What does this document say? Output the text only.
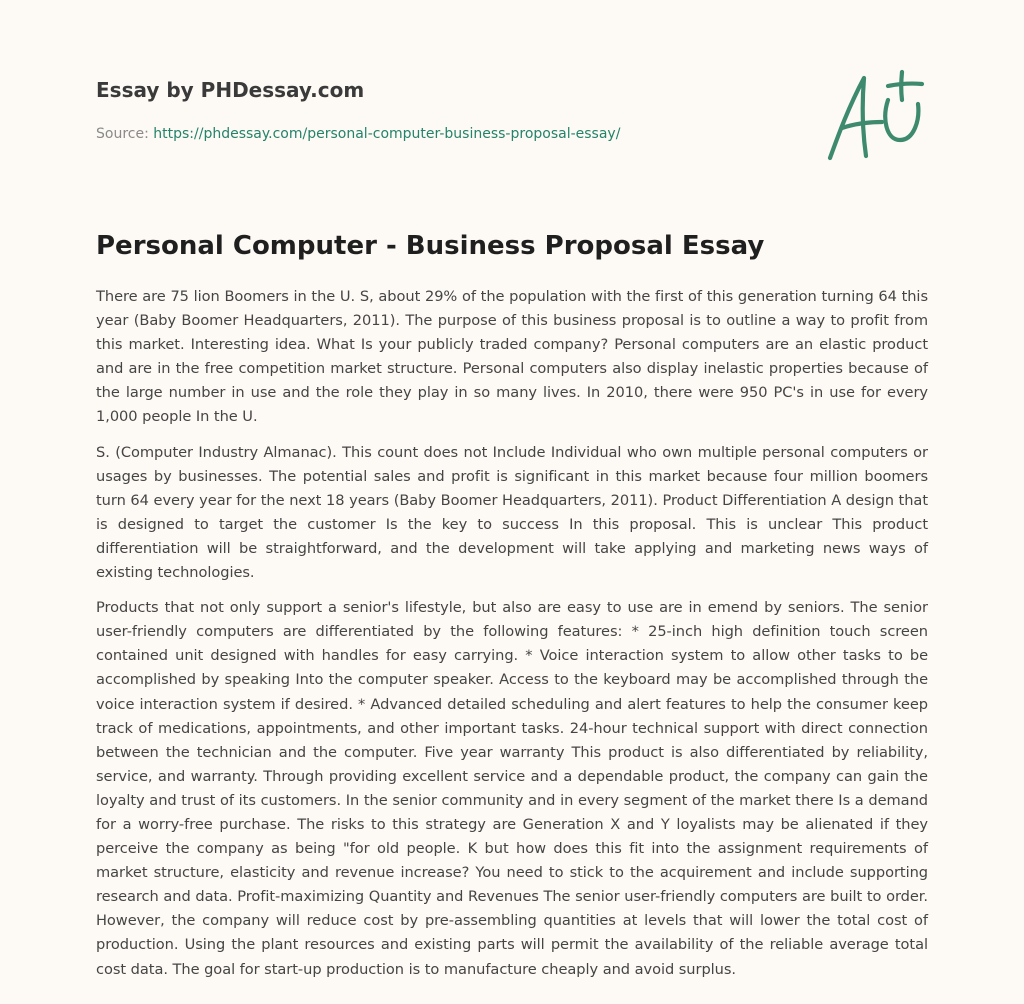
Essay by PHDessay.com

Source: https://phdessay.com/personal-computer-business-proposal-essay/

Personal Computer - Business Proposal Essay

There are 75 lion Boomers in the U. S, about 29% of the population with the first of this generation turning 64 this year (Baby Boomer Headquarters, 2011). The purpose of this business proposal is to outline a way to profit from this market. Interesting idea. What Is your publicly traded company? Personal computers are an elastic product and are in the free competition market structure. Personal computers also display inelastic properties because of the large number in use and the role they play in so many lives. In 2010, there were 950 PC's in use for every 1,000 people In the U.

S. (Computer Industry Almanac). This count does not Include Individual who own multiple personal computers or usages by businesses. The potential sales and profit is significant in this market because four million boomers turn 64 every year for the next 18 years (Baby Boomer Headquarters, 2011). Product Differentiation A design that is designed to target the customer Is the key to success In this proposal. This is unclear This product differentiation will be straightforward, and the development will take applying and marketing news ways of existing technologies.

Products that not only support a senior's lifestyle, but also are easy to use are in emend by seniors. The senior user-friendly computers are differentiated by the following features: * 25-inch high definition touch screen contained unit designed with handles for easy carrying. * Voice interaction system to allow other tasks to be accomplished by speaking Into the computer speaker. Access to the keyboard may be accomplished through the voice interaction system if desired. * Advanced detailed scheduling and alert features to help the consumer keep track of medications, appointments, and other important tasks. 24-hour technical support with direct connection between the technician and the computer. Five year warranty This product is also differentiated by reliability, service, and warranty. Through providing excellent service and a dependable product, the company can gain the loyalty and trust of its customers. In the senior community and in every segment of the market there Is a demand for a worry-free purchase. The risks to this strategy are Generation X and Y loyalists may be alienated if they perceive the company as being "for old people. K but how does this fit into the assignment requirements of market structure, elasticity and revenue increase? You need to stick to the acquirement and include supporting research and data. Profit-maximizing Quantity and Revenues The senior user-friendly computers are built to order. However, the company will reduce cost by pre-assembling quantities at levels that will lower the total cost of production. Using the plant resources and existing parts will permit the availability of the reliable average total cost data. The goal for start-up production is to manufacture cheaply and avoid surplus.
